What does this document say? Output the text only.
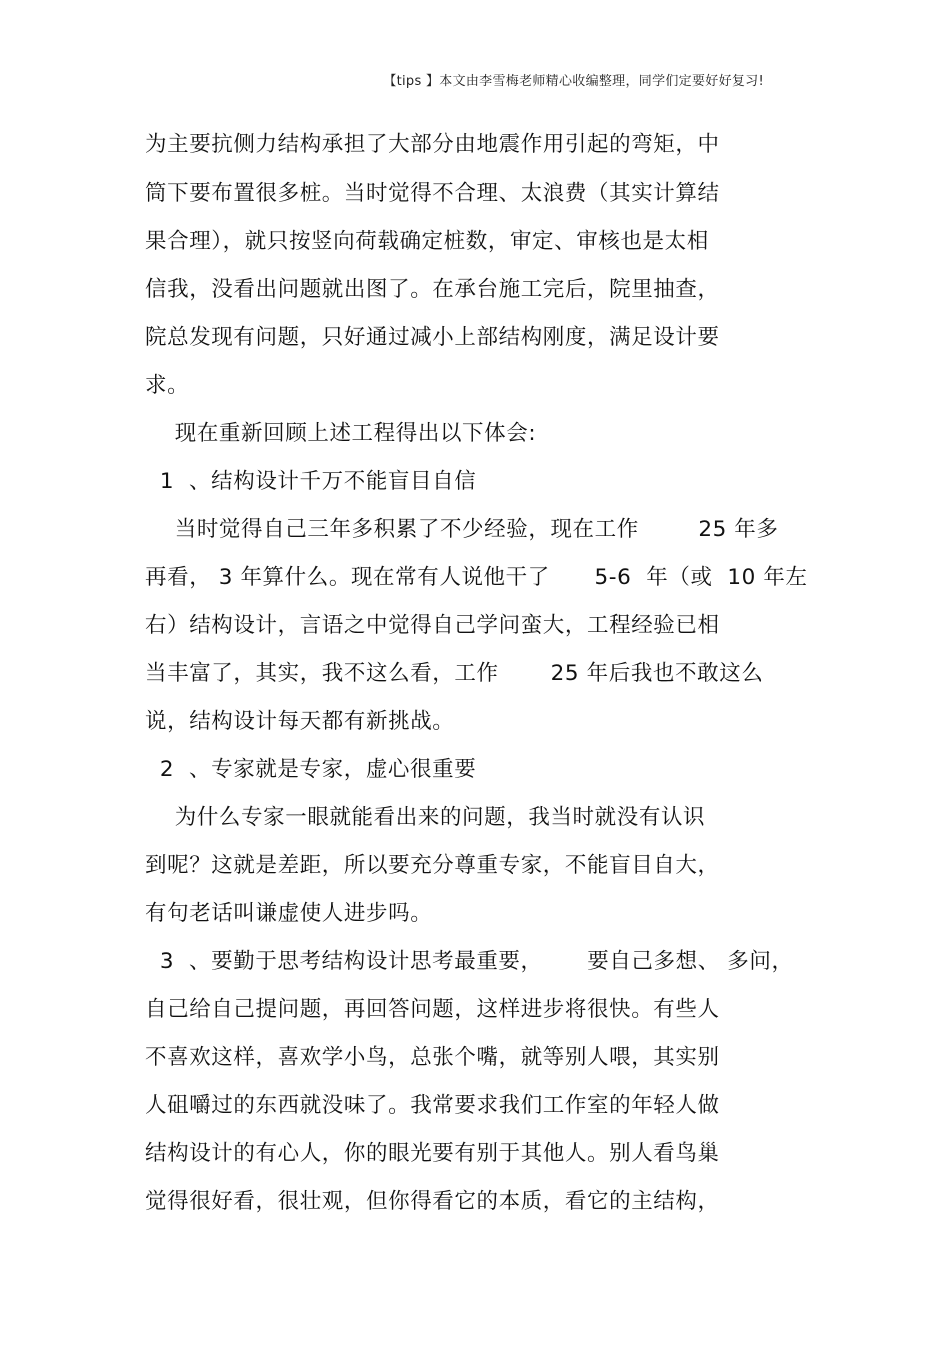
【tips 】本文由李雪梅老师精心收编整理，同学们定要好好复习!
为主要抗侧力结构承担了大部分由地震作用引起的弯矩，中
筒下要布置很多桩。当时觉得不合理、太浪费（其实计算结
果合理），就只按竖向荷载确定桩数，审定、审核也是太相
信我，没看出问题就出图了。在承台施工完后，院里抽查，
院总发现有问题，只好通过减小上部结构刚度，满足设计要
求。
现在重新回顾上述工程得出以下体会:
1  、结构设计千万不能盲目自信
当时觉得自己三年多积累了不少经验，现在工作        25 年多
再看， 3 年算什么。现在常有人说他干了      5-6  年（或  10 年左
右）结构设计，言语之中觉得自己学问蛮大，工程经验已相
当丰富了，其实，我不这么看，工作       25 年后我也不敢这么
说，结构设计每天都有新挑战。
2  、专家就是专家，虚心很重要
为什么专家一眼就能看出来的问题，我当时就没有认识
到呢？这就是差距，所以要充分尊重专家，不能盲目自大，
有句老话叫谦虚使人进步吗。
3  、要勤于思考结构设计思考最重要，      要自己多想、 多问，
自己给自己提问题，再回答问题，这样进步将很快。有些人
不喜欢这样，喜欢学小鸟，总张个嘴，就等别人喂，其实别
人砠嚼过的东西就没味了。我常要求我们工作室的年轻人做
结构设计的有心人，你的眼光要有别于其他人。别人看鸟巢
觉得很好看，很壮观，但你得看它的本质，看它的主结构，
